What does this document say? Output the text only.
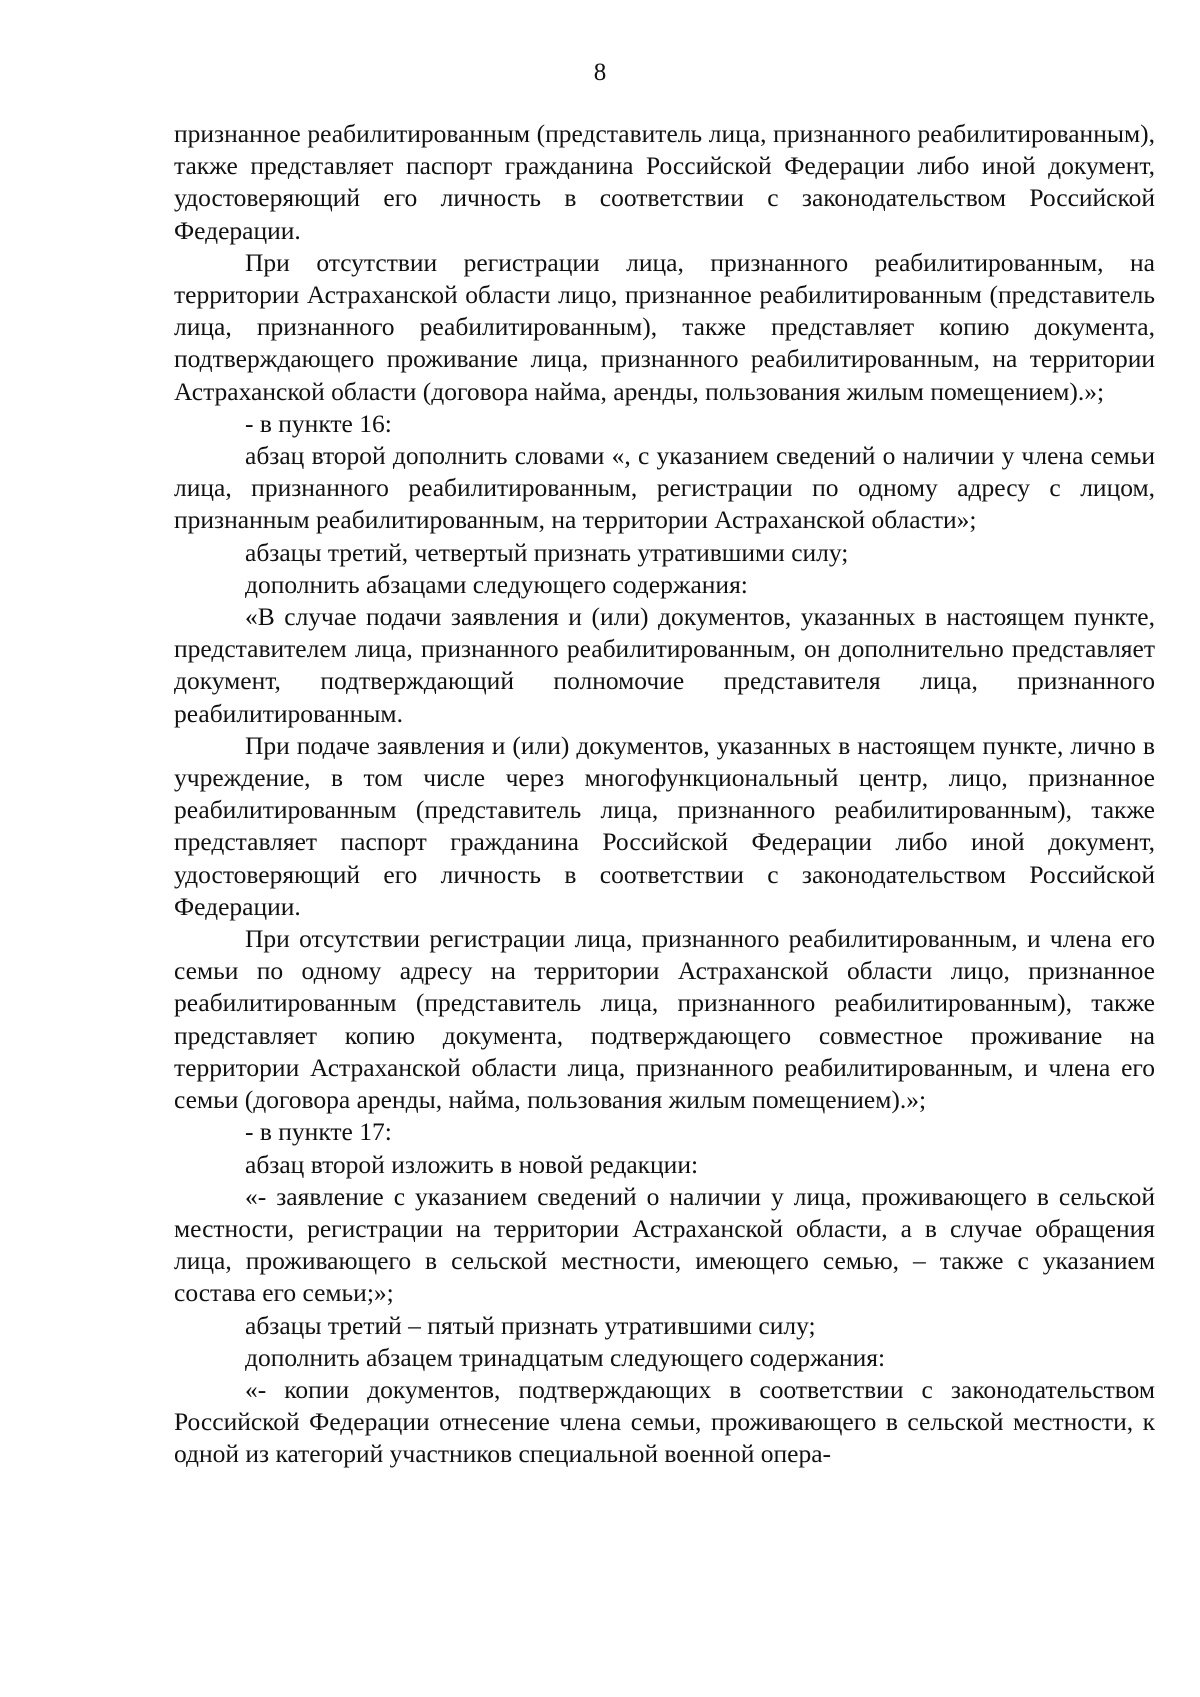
8

признанное реабилитированным (представитель лица, признанного реабилитированным), также представляет паспорт гражданина Российской Федерации либо иной документ, удостоверяющий его личность в соответствии с законодательством Российской Федерации.

При отсутствии регистрации лица, признанного реабилитированным, на территории Астраханской области лицо, признанное реабилитированным (представитель лица, признанного реабилитированным), также представляет копию документа, подтверждающего проживание лица, признанного реабилитированным, на территории Астраханской области (договора найма, аренды, пользования жилым помещением).»;

- в пункте 16:

абзац второй дополнить словами «, с указанием сведений о наличии у члена семьи лица, признанного реабилитированным, регистрации по одному адресу с лицом, признанным реабилитированным, на территории Астраханской области»;

абзацы третий, четвертый признать утратившими силу;

дополнить абзацами следующего содержания:

«В случае подачи заявления и (или) документов, указанных в настоящем пункте, представителем лица, признанного реабилитированным, он дополнительно представляет документ, подтверждающий полномочие представителя лица, признанного реабилитированным.

При подаче заявления и (или) документов, указанных в настоящем пункте, лично в учреждение, в том числе через многофункциональный центр, лицо, признанное реабилитированным (представитель лица, признанного реабилитированным), также представляет паспорт гражданина Российской Федерации либо иной документ, удостоверяющий его личность в соответствии с законодательством Российской Федерации.

При отсутствии регистрации лица, признанного реабилитированным, и члена его семьи по одному адресу на территории Астраханской области лицо, признанное реабилитированным (представитель лица, признанного реабилитированным), также представляет копию документа, подтверждающего совместное проживание на территории Астраханской области лица, признанного реабилитированным, и члена его семьи (договора аренды, найма, пользования жилым помещением).»;

- в пункте 17:

абзац второй изложить в новой редакции:

«- заявление с указанием сведений о наличии у лица, проживающего в сельской местности, регистрации на территории Астраханской области, а в случае обращения лица, проживающего в сельской местности, имеющего семью, – также с указанием состава его семьи;»;

абзацы третий – пятый признать утратившими силу;

дополнить абзацем тринадцатым следующего содержания:

«- копии документов, подтверждающих в соответствии с законодательством Российской Федерации отнесение члена семьи, проживающего в сельской местности, к одной из категорий участников специальной военной опера-
